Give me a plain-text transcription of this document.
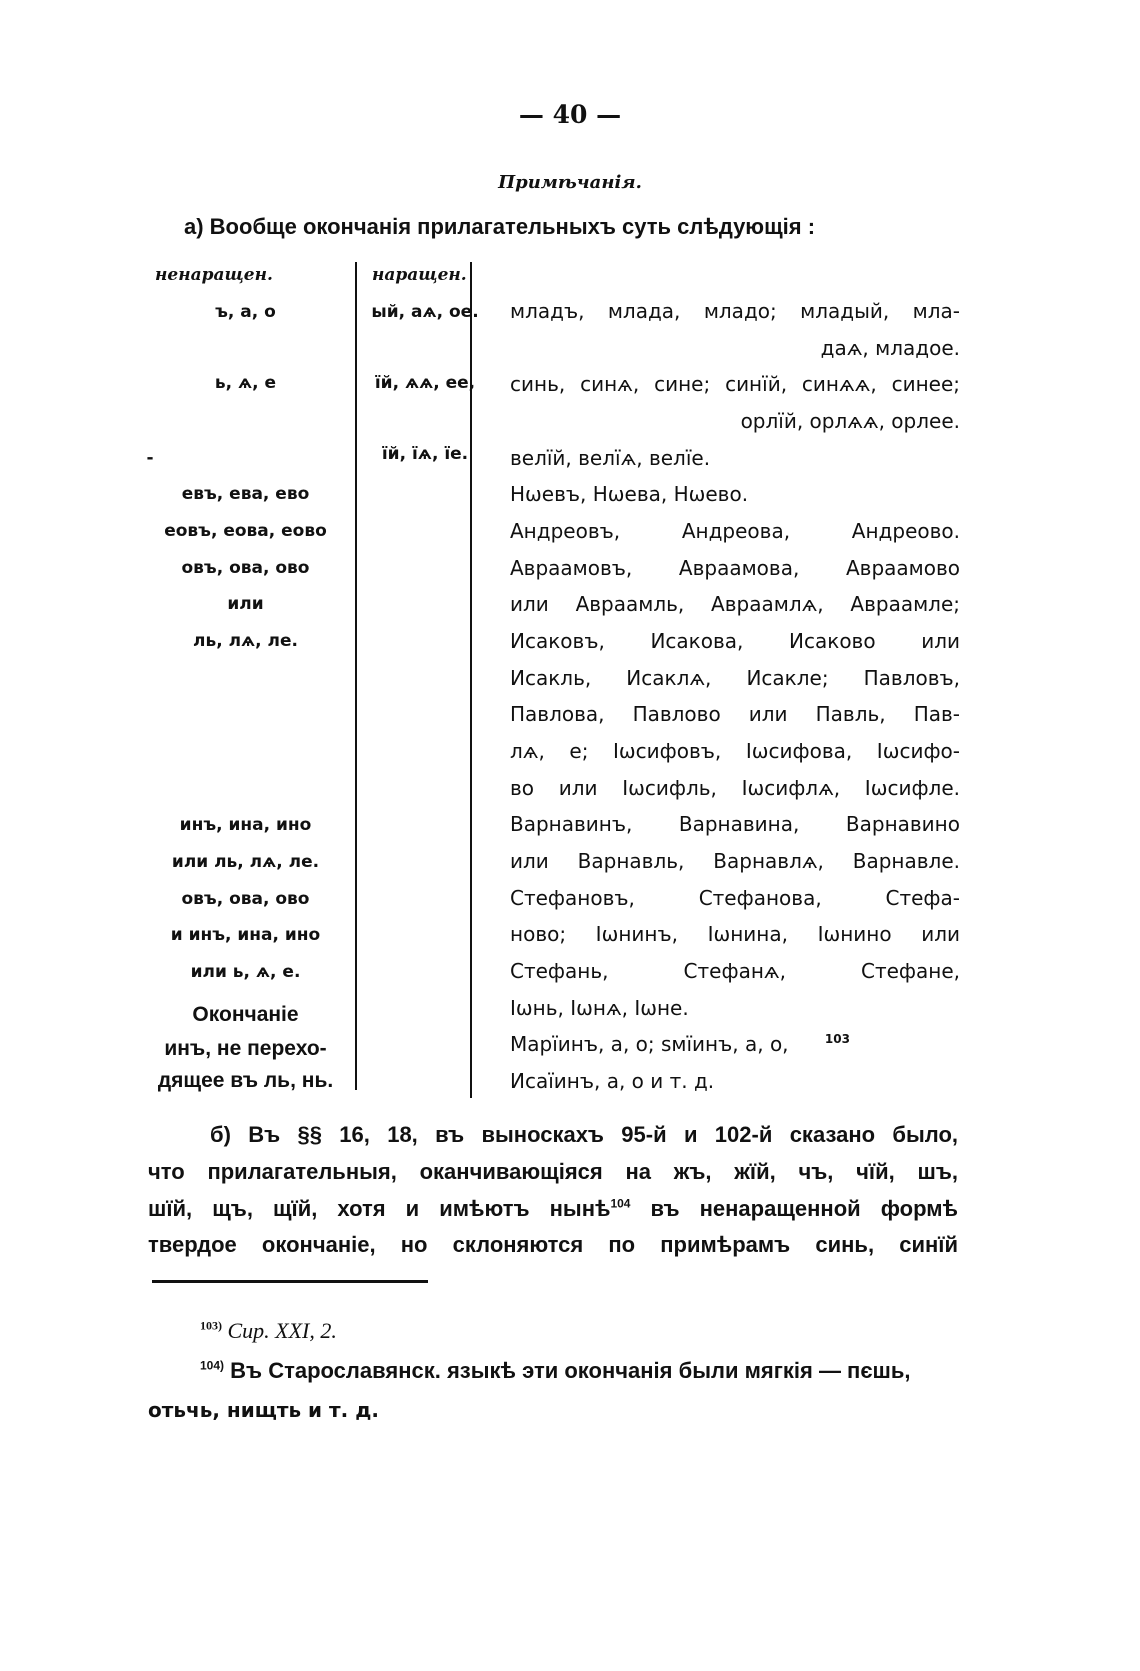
— 40 —
Примѣчанія.
а) Вообще окончанія прилагательныхъ суть слѣдующія :
ненаращен.	наращен.
ъ, а, о
ь, ѧ, е
-
евъ, ева, ево
еовъ, еова, еово
овъ, ова, ово
или
ль, лѧ, ле.
инъ, ина, ино
или ль, лѧ, ле.
овъ, ова, ово
и инъ, ина, ино
или ь, ѧ, е.
Окончаніе
инъ, не перехо-
дящее въ ль, нь.
ый, аѧ, ое.
їй, ѧѧ, ее,
їй, їѧ, їе.
младъ, млада, младо; младый, мла-
даѧ, младое.
синь, синѧ, сине; синїй, синѧѧ, синее;
орлїй, орлѧѧ, орлее.
велїй, велїѧ, велїе.
Нѡевъ, Нѡева, Нѡево.
Андреовъ, Андреова, Андреово.
Авраамовъ, Авраамова, Авраамово
или Авраамль, Авраамлѧ, Авраамле;
Исаковъ, Исакова, Исаково или
Исакль, Исаклѧ, Исакле; Павловъ,
Павлова, Павлово или Павль, Пав-
лѧ, е; Іѡсифовъ, Іѡсифова, Іѡсифо-
во или Іѡсифль, Іѡсифлѧ, Іѡсифле.
Варнавинъ, Варнавина, Варнавино
или Варнавль, Варнавлѧ, Варнавле.
Стефановъ, Стефанова, Стефа-
ново; Іѡнинъ, Іѡнина, Іѡнино или
Стефань, Стефанѧ, Стефане,
Іѡнь, Іѡнѧ, Іѡне.
Марїинъ, а, о; ѕмїинъ, а, о,	$^{103}$
Исаїинъ, а, о и т. д.
б) Въ §§ 16, 18, въ выноскахъ 95-й и 102-й сказано было,
что прилагательныя, оканчивающіяся на жъ, жїй, чъ, чїй, шъ,
шїй, щъ, щїй, хотя и имѣютъ нынѣ$^{104}$ въ ненаращенной формѣ
твердое окончаніе, но склоняются по примѣрамъ синь, синїй
$^{103)}$ Сир. XXI, 2.
$^{104)}$ Въ Старославянск. языкѣ эти окончанія были мягкія — пєшь,
отьчь, нищть и т. д.
